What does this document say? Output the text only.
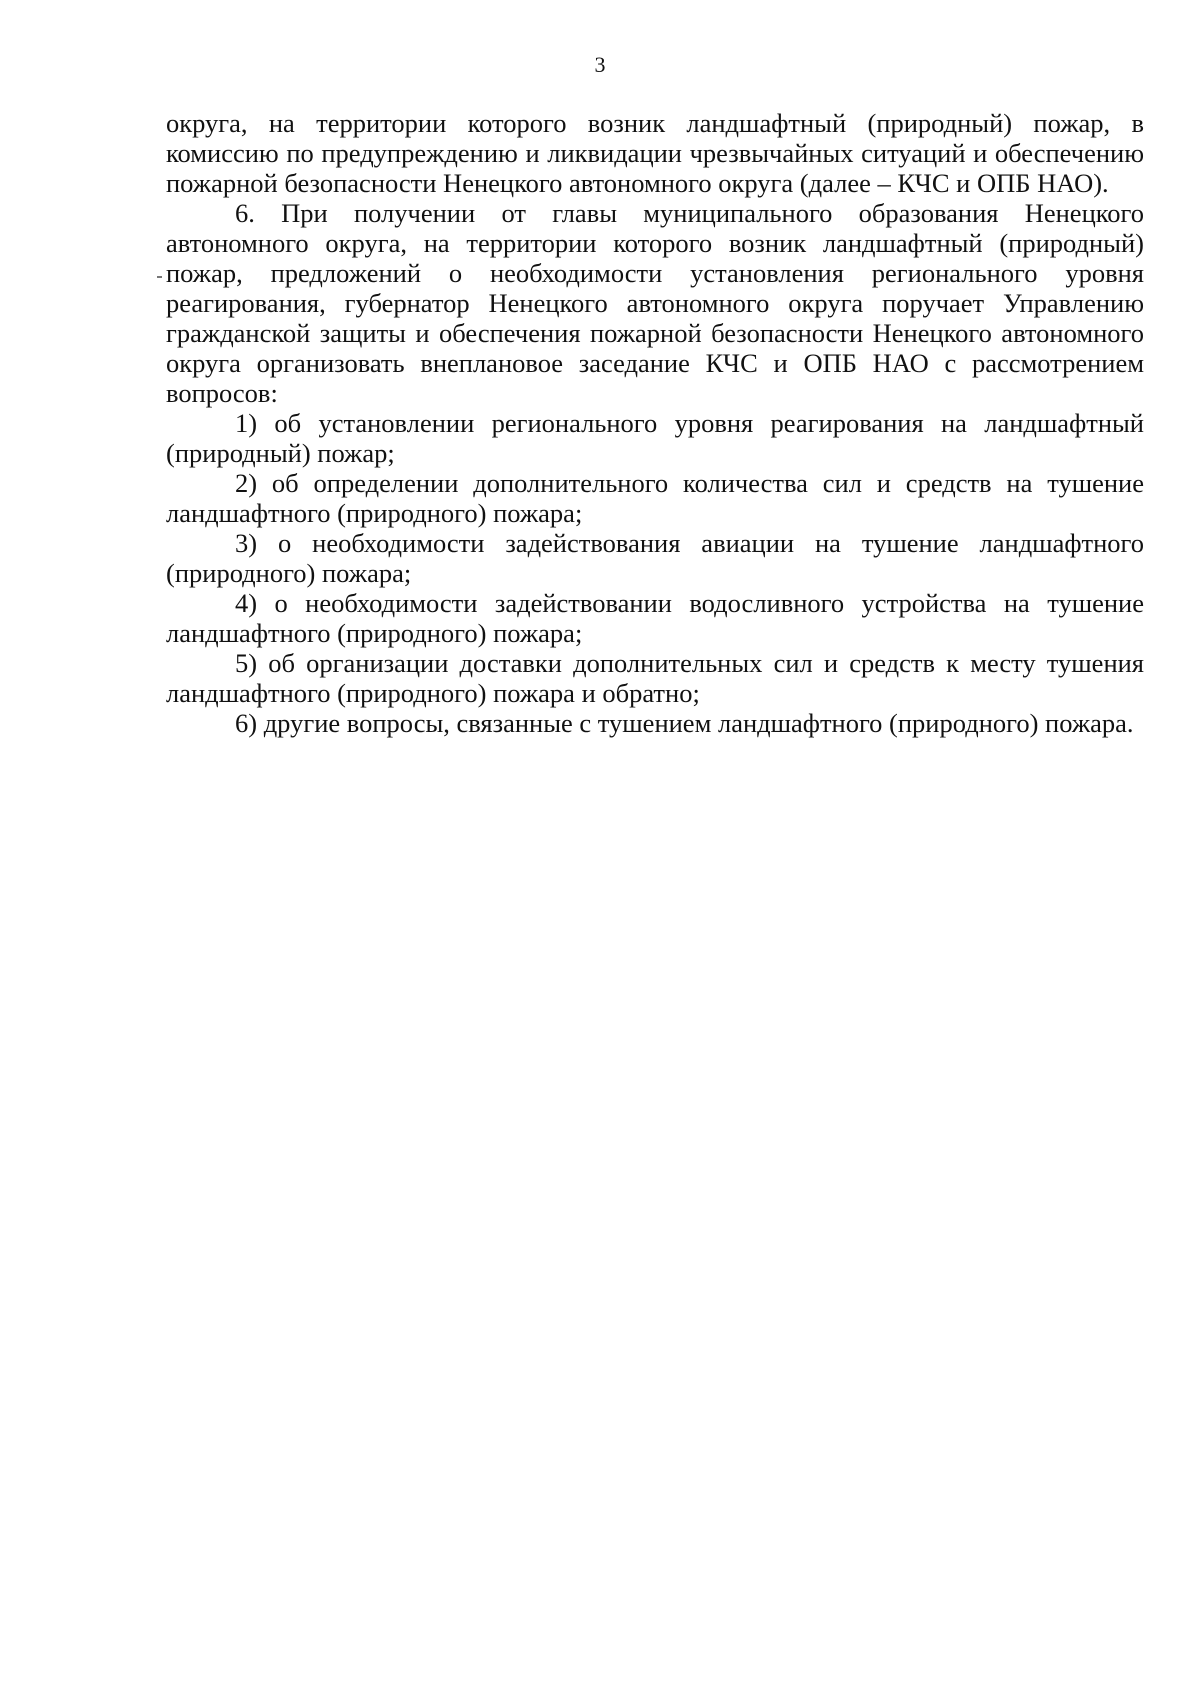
3

округа, на территории которого возник ландшафтный (природный) пожар, в комиссию по предупреждению и ликвидации чрезвычайных ситуаций и обеспечению пожарной безопасности Ненецкого автономного округа (далее – КЧС и ОПБ НАО).

6. При получении от главы муниципального образования Ненецкого автономного округа, на территории которого возник ландшафтный (природный) пожар, предложений о необходимости установления регионального уровня реагирования, губернатор Ненецкого автономного округа поручает Управлению гражданской защиты и обеспечения пожарной безопасности Ненецкого автономного округа организовать внеплановое заседание КЧС и ОПБ НАО с рассмотрением вопросов:

1) об установлении регионального уровня реагирования на ландшафтный (природный) пожар;

2) об определении дополнительного количества сил и средств на тушение ландшафтного (природного) пожара;

3) о необходимости задействования авиации на тушение ландшафтного (природного) пожара;

4) о необходимости задействовании водосливного устройства на тушение ландшафтного (природного) пожара;

5) об организации доставки дополнительных сил и средств к месту тушения ландшафтного (природного) пожара и обратно;

6) другие вопросы, связанные с тушением ландшафтного (природного) пожара.
